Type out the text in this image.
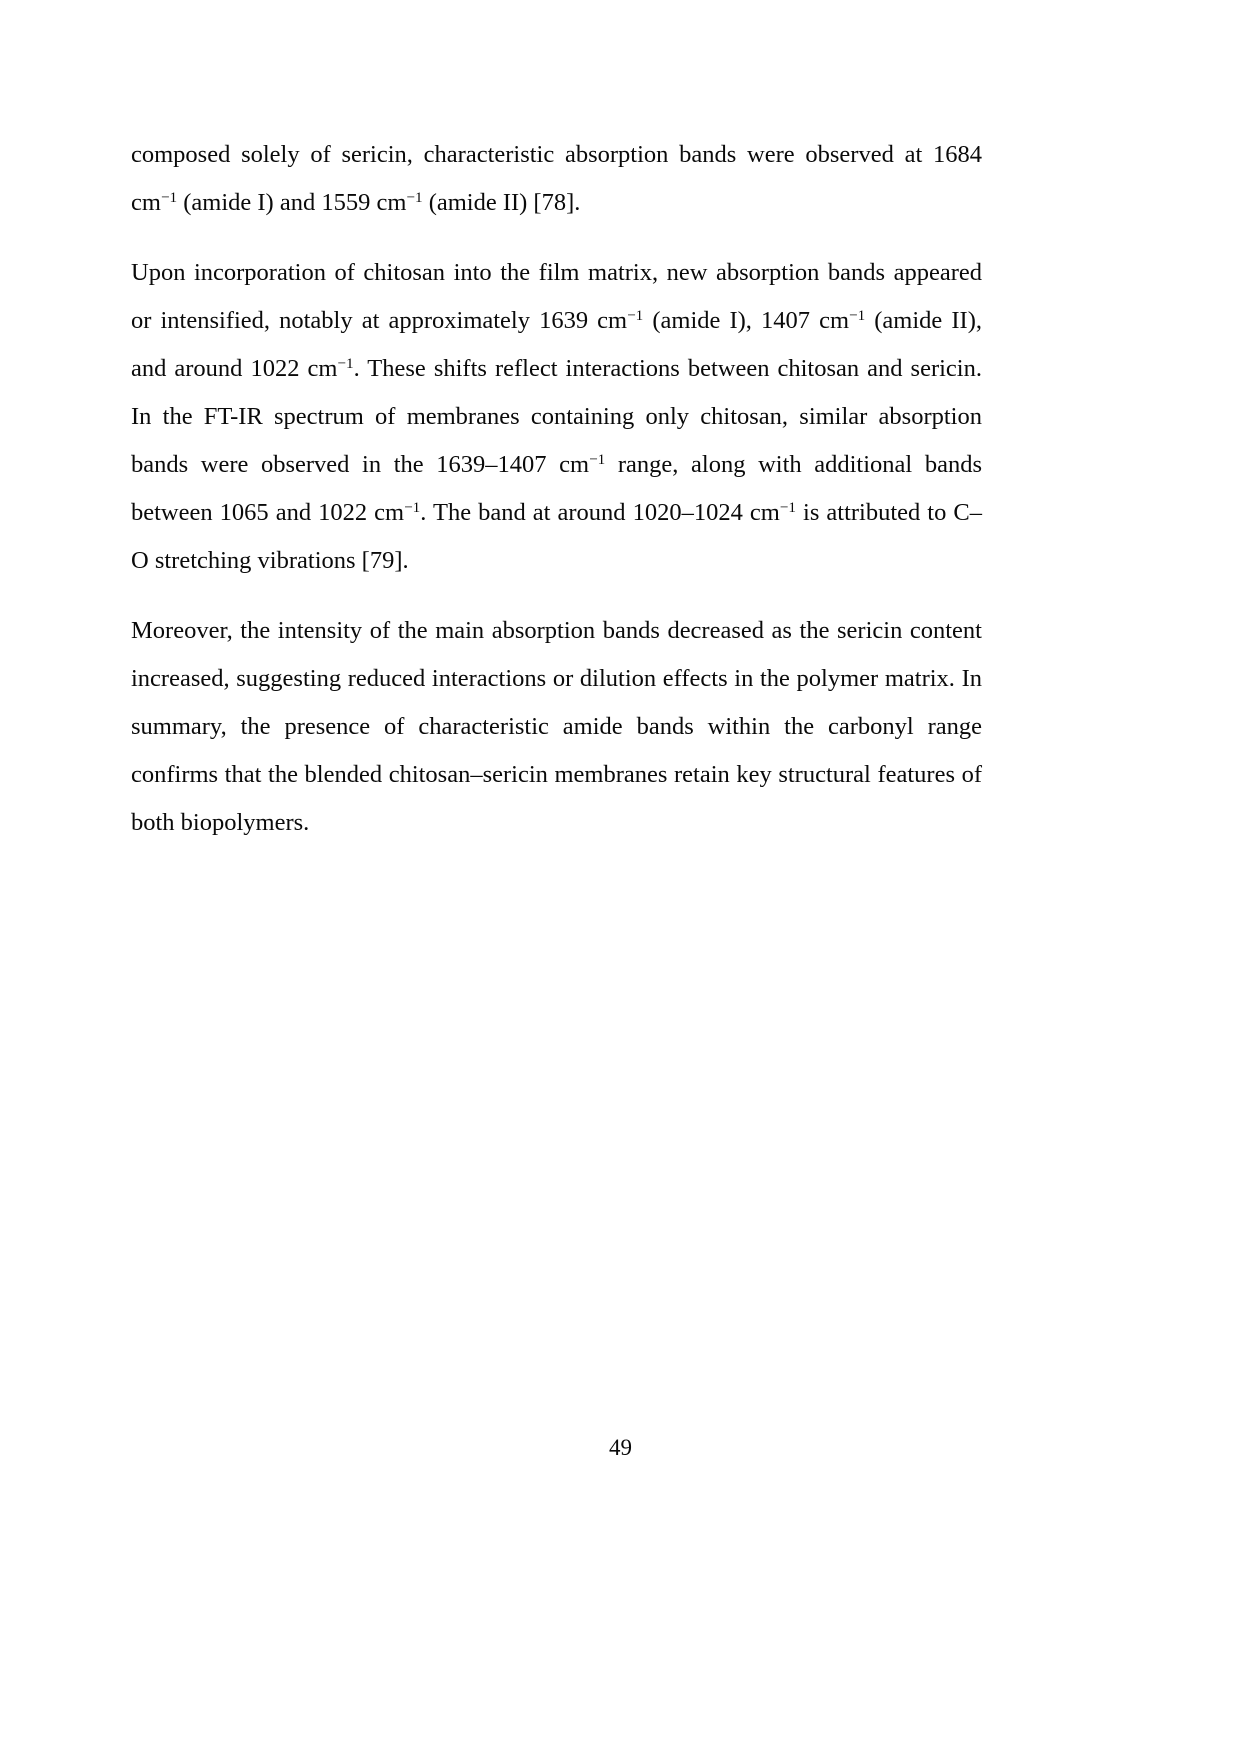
composed solely of sericin, characteristic absorption bands were observed at 1684 $cm^{-1}$ (amide I) and 1559 $cm^{-1}$ (amide II) [78].

Upon incorporation of chitosan into the film matrix, new absorption bands appeared or intensified, notably at approximately 1639 $cm^{-1}$ (amide I), 1407 $cm^{-1}$ (amide II), and around 1022 $cm^{-1}$. These shifts reflect interactions between chitosan and sericin. In the FT-IR spectrum of membranes containing only chitosan, similar absorption bands were observed in the 1639–1407 $cm^{-1}$ range, along with additional bands between 1065 and 1022 $cm^{-1}$. The band at around 1020–1024 $cm^{-1}$ is attributed to C–O stretching vibrations [79].

Moreover, the intensity of the main absorption bands decreased as the sericin content increased, suggesting reduced interactions or dilution effects in the polymer matrix. In summary, the presence of characteristic amide bands within the carbonyl range confirms that the blended chitosan–sericin membranes retain key structural features of both biopolymers.

49
